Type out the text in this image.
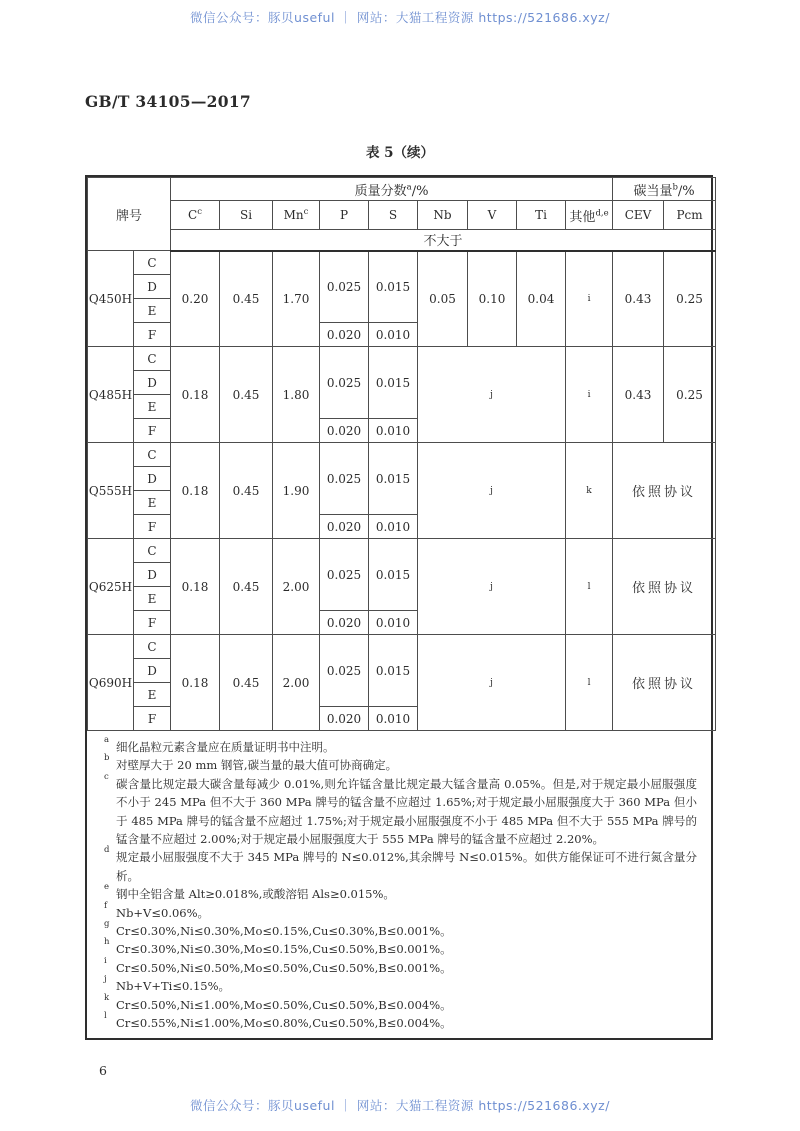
微信公众号：豚贝useful ｜ 网站：大猫工程资源 https://521686.xyz/
GB/T 34105—2017
表 5（续）
牌号		质量分数$^a$/%									碳当量$^b$/%	
		$C^c$	Si	Mn$^c$	P	S	Nb	V	Ti	其他$^{d,e}$	CEV	Pcm
		不大于										
Q450H	C	0.20	0.45	1.70	0.025	0.015	0.05	0.10	0.04	i	0.43	0.25
	D											
	E											
	F				0.020	0.010						
Q485H	C	0.18	0.45	1.80	0.025	0.015	j			i	0.43	0.25
	D											
	E											
	F				0.020	0.010						
Q555H	C	0.18	0.45	1.90	0.025	0.015	j			k	依照协议	
	D											
	E											
	F				0.020	0.010						
Q625H	C	0.18	0.45	2.00	0.025	0.015	j			l	依照协议	
	D											
	E											
	F				0.020	0.010						
Q690H	C	0.18	0.45	2.00	0.025	0.015	j			l	依照协议	
	D											
	E											
	F				0.020	0.010						
a 细化晶粒元素含量应在质量证明书中注明。
b 对壁厚大于 20 mm 钢管,碳当量的最大值可协商确定。
c 碳含量比规定最大碳含量每减少 0.01%,则允许锰含量比规定最大锰含量高 0.05%。但是,对于规定最小屈服强度不小于 245 MPa 但不大于 360 MPa 牌号的锰含量不应超过 1.65%;对于规定最小屈服强度大于 360 MPa 但小于 485 MPa 牌号的锰含量不应超过 1.75%;对于规定最小屈服强度不小于 485 MPa 但不大于 555 MPa 牌号的锰含量不应超过 2.00%;对于规定最小屈服强度大于 555 MPa 牌号的锰含量不应超过 2.20%。
d 规定最小屈服强度不大于 345 MPa 牌号的 N≤0.012%,其余牌号 N≤0.015%。如供方能保证可不进行氮含量分析。
e 钢中全铝含量 Alt≥0.018%,或酸溶铝 Als≥0.015%。
f Nb+V≤0.06%。
g Cr≤0.30%,Ni≤0.30%,Mo≤0.15%,Cu≤0.30%,B≤0.001%。
h Cr≤0.30%,Ni≤0.30%,Mo≤0.15%,Cu≤0.50%,B≤0.001%。
i Cr≤0.50%,Ni≤0.50%,Mo≤0.50%,Cu≤0.50%,B≤0.001%。
j Nb+V+Ti≤0.15%。
k Cr≤0.50%,Ni≤1.00%,Mo≤0.50%,Cu≤0.50%,B≤0.004%。
l Cr≤0.55%,Ni≤1.00%,Mo≤0.80%,Cu≤0.50%,B≤0.004%。
6
微信公众号：豚贝useful ｜ 网站：大猫工程资源 https://521686.xyz/
